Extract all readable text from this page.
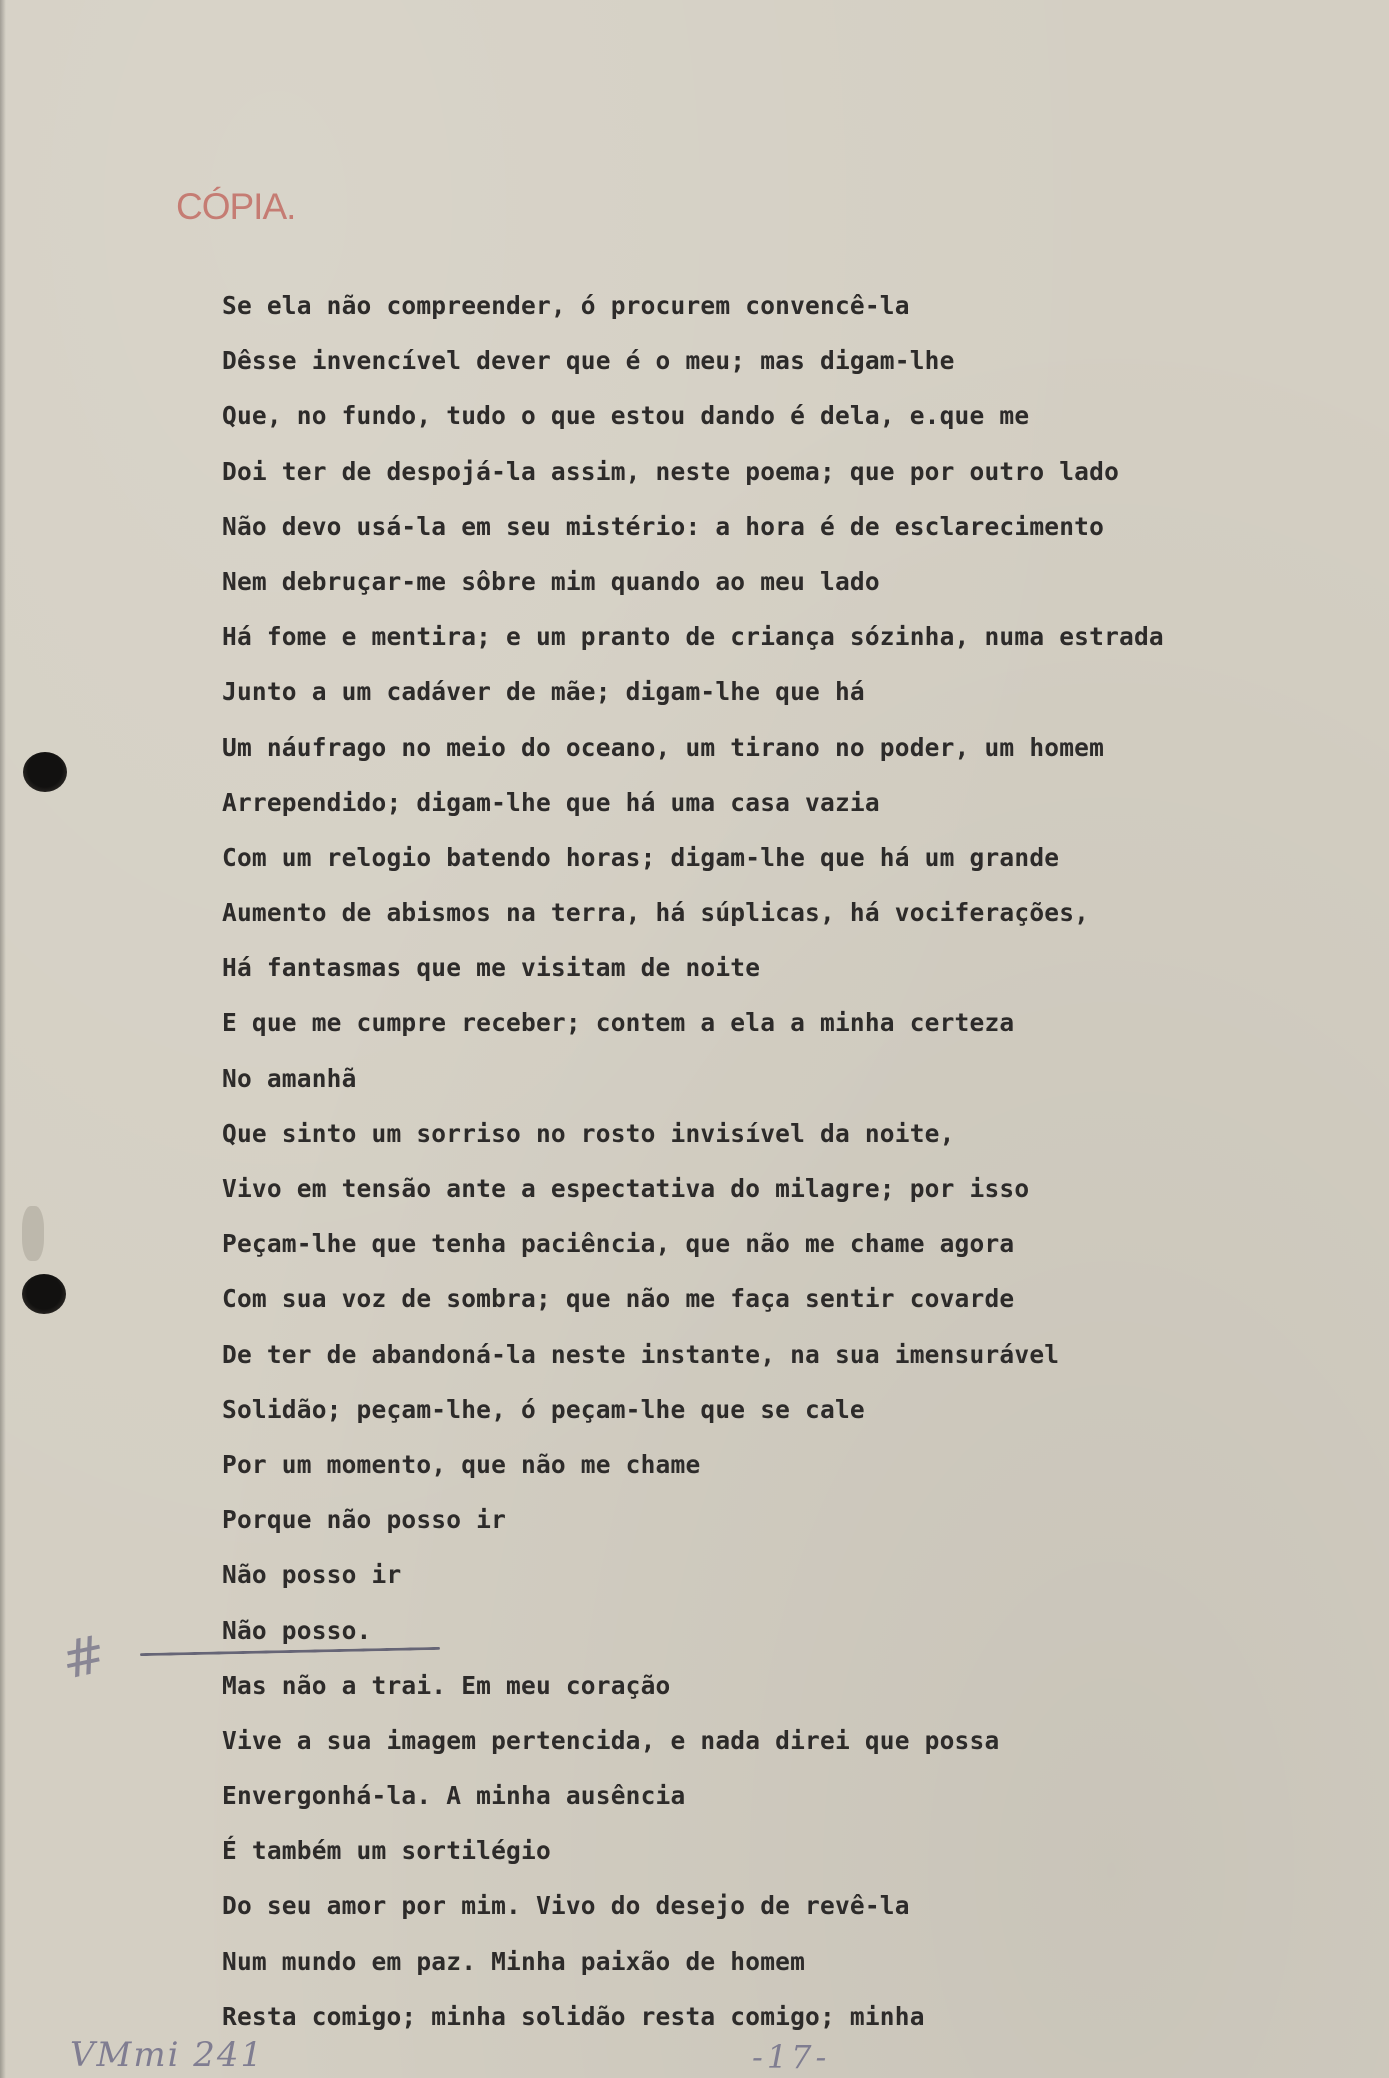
CÓPIA.
Se ela não compreender, ó procurem convencê-la
Dêsse invencível dever que é o meu; mas digam-lhe
Que, no fundo, tudo o que estou dando é dela, e.que me
Doi ter de despojá-la assim, neste poema; que por outro lado
Não devo usá-la em seu mistério: a hora é de esclarecimento
Nem debruçar-me sôbre mim quando ao meu lado
Há fome e mentira; e um pranto de criança sózinha, numa estrada
Junto a um cadáver de mãe; digam-lhe que há
Um náufrago no meio do oceano, um tirano no poder, um homem
Arrependido; digam-lhe que há uma casa vazia
Com um relogio batendo horas; digam-lhe que há um grande
Aumento de abismos na terra, há súplicas, há vociferações,
Há fantasmas que me visitam de noite
E que me cumpre receber; contem a ela a minha certeza
No amanhã
Que sinto um sorriso no rosto invisível da noite,
Vivo em tensão ante a espectativa do milagre; por isso
Peçam-lhe que tenha paciência, que não me chame agora
Com sua voz de sombra; que não me faça sentir covarde
De ter de abandoná-la neste instante, na sua imensurável
Solidão; peçam-lhe, ó peçam-lhe que se cale
Por um momento, que não me chame
Porque não posso ir
Não posso ir
Não posso.
Mas não a trai. Em meu coração
Vive a sua imagem pertencida, e nada direi que possa
Envergonhá-la. A minha ausência
É também um sortilégio
Do seu amor por mim. Vivo do desejo de revê-la
Num mundo em paz. Minha paixão de homem
Resta comigo; minha solidão resta comigo; minha
#
VMmi 241	-17-
